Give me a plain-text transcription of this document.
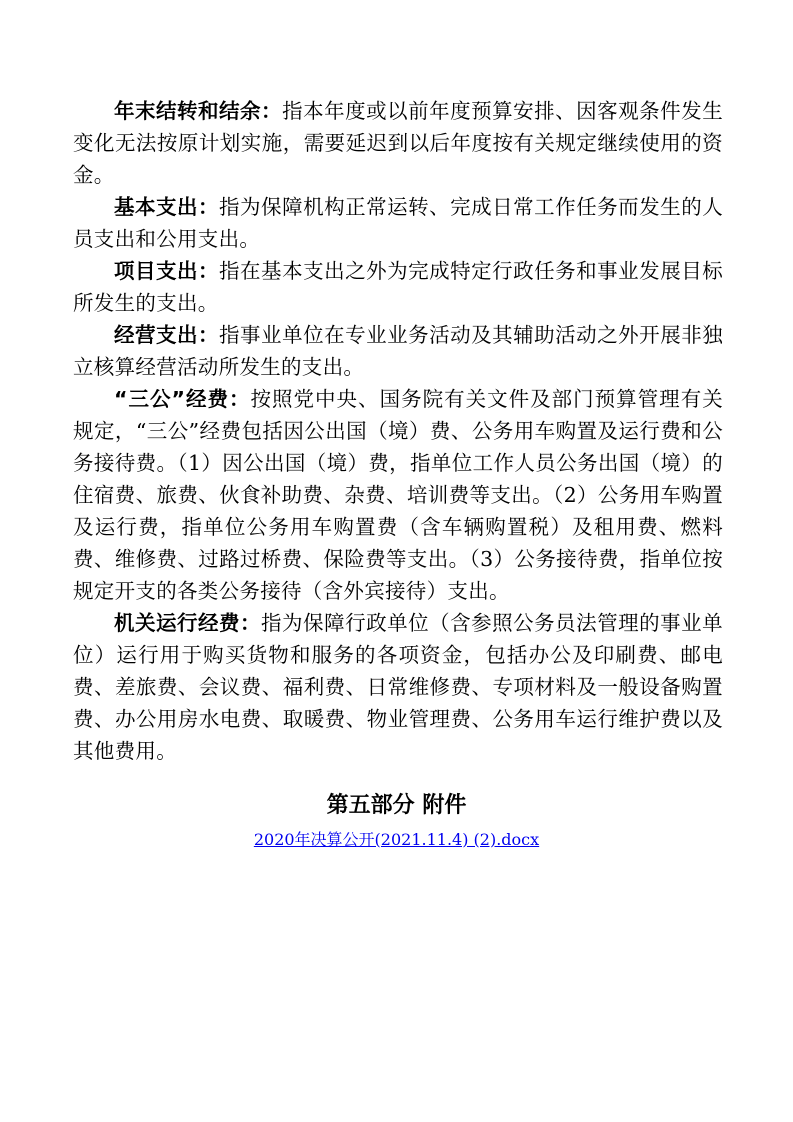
年末结转和结余：指本年度或以前年度预算安排、因客观条件发生变化无法按原计划实施，需要延迟到以后年度按有关规定继续使用的资金。

基本支出：指为保障机构正常运转、完成日常工作任务而发生的人员支出和公用支出。

项目支出：指在基本支出之外为完成特定行政任务和事业发展目标所发生的支出。

经营支出：指事业单位在专业业务活动及其辅助活动之外开展非独立核算经营活动所发生的支出。

“三公”经费：按照党中央、国务院有关文件及部门预算管理有关规定，“三公”经费包括因公出国（境）费、公务用车购置及运行费和公务接待费。（1）因公出国（境）费，指单位工作人员公务出国（境）的住宿费、旅费、伙食补助费、杂费、培训费等支出。（2）公务用车购置及运行费，指单位公务用车购置费（含车辆购置税）及租用费、燃料费、维修费、过路过桥费、保险费等支出。（3）公务接待费，指单位按规定开支的各类公务接待（含外宾接待）支出。

机关运行经费：指为保障行政单位（含参照公务员法管理的事业单位）运行用于购买货物和服务的各项资金，包括办公及印刷费、邮电费、差旅费、会议费、福利费、日常维修费、专项材料及一般设备购置费、办公用房水电费、取暖费、物业管理费、公务用车运行维护费以及其他费用。

第五部分 附件
2020年决算公开(2021.11.4) (2).docx
